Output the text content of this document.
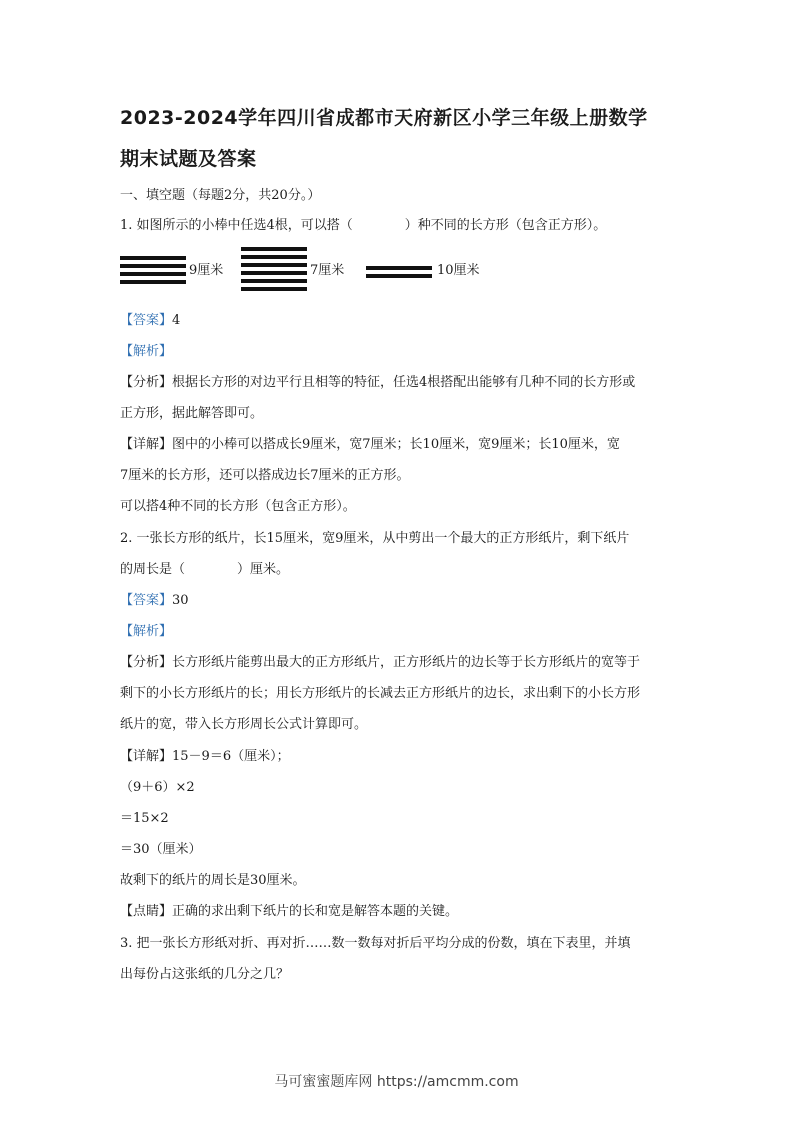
2023-2024学年四川省成都市天府新区小学三年级上册数学
期末试题及答案
一、填空题（每题2分，共20分。）
1. 如图所示的小棒中任选4根，可以搭（　　　　）种不同的长方形（包含正方形）。
9厘米	7厘米	10厘米
【答案】4
【解析】
【分析】根据长方形的对边平行且相等的特征，任选4根搭配出能够有几种不同的长方形或
正方形，据此解答即可。
【详解】图中的小棒可以搭成长9厘米，宽7厘米；长10厘米，宽9厘米；长10厘米，宽
7厘米的长方形，还可以搭成边长7厘米的正方形。
可以搭4种不同的长方形（包含正方形）。
2. 一张长方形的纸片，长15厘米，宽9厘米，从中剪出一个最大的正方形纸片，剩下纸片
的周长是（　　　　）厘米。
【答案】30
【解析】
【分析】长方形纸片能剪出最大的正方形纸片，正方形纸片的边长等于长方形纸片的宽等于
剩下的小长方形纸片的长；用长方形纸片的长减去正方形纸片的边长，求出剩下的小长方形
纸片的宽，带入长方形周长公式计算即可。
【详解】15－9＝6（厘米）；
（9＋6）×2
＝15×2
＝30（厘米）
故剩下的纸片的周长是30厘米。
【点睛】正确的求出剩下纸片的长和宽是解答本题的关键。
3. 把一张长方形纸对折、再对折……数一数每对折后平均分成的份数，填在下表里，并填
出每份占这张纸的几分之几？
马可蜜蜜题库网 https://amcmm.com
